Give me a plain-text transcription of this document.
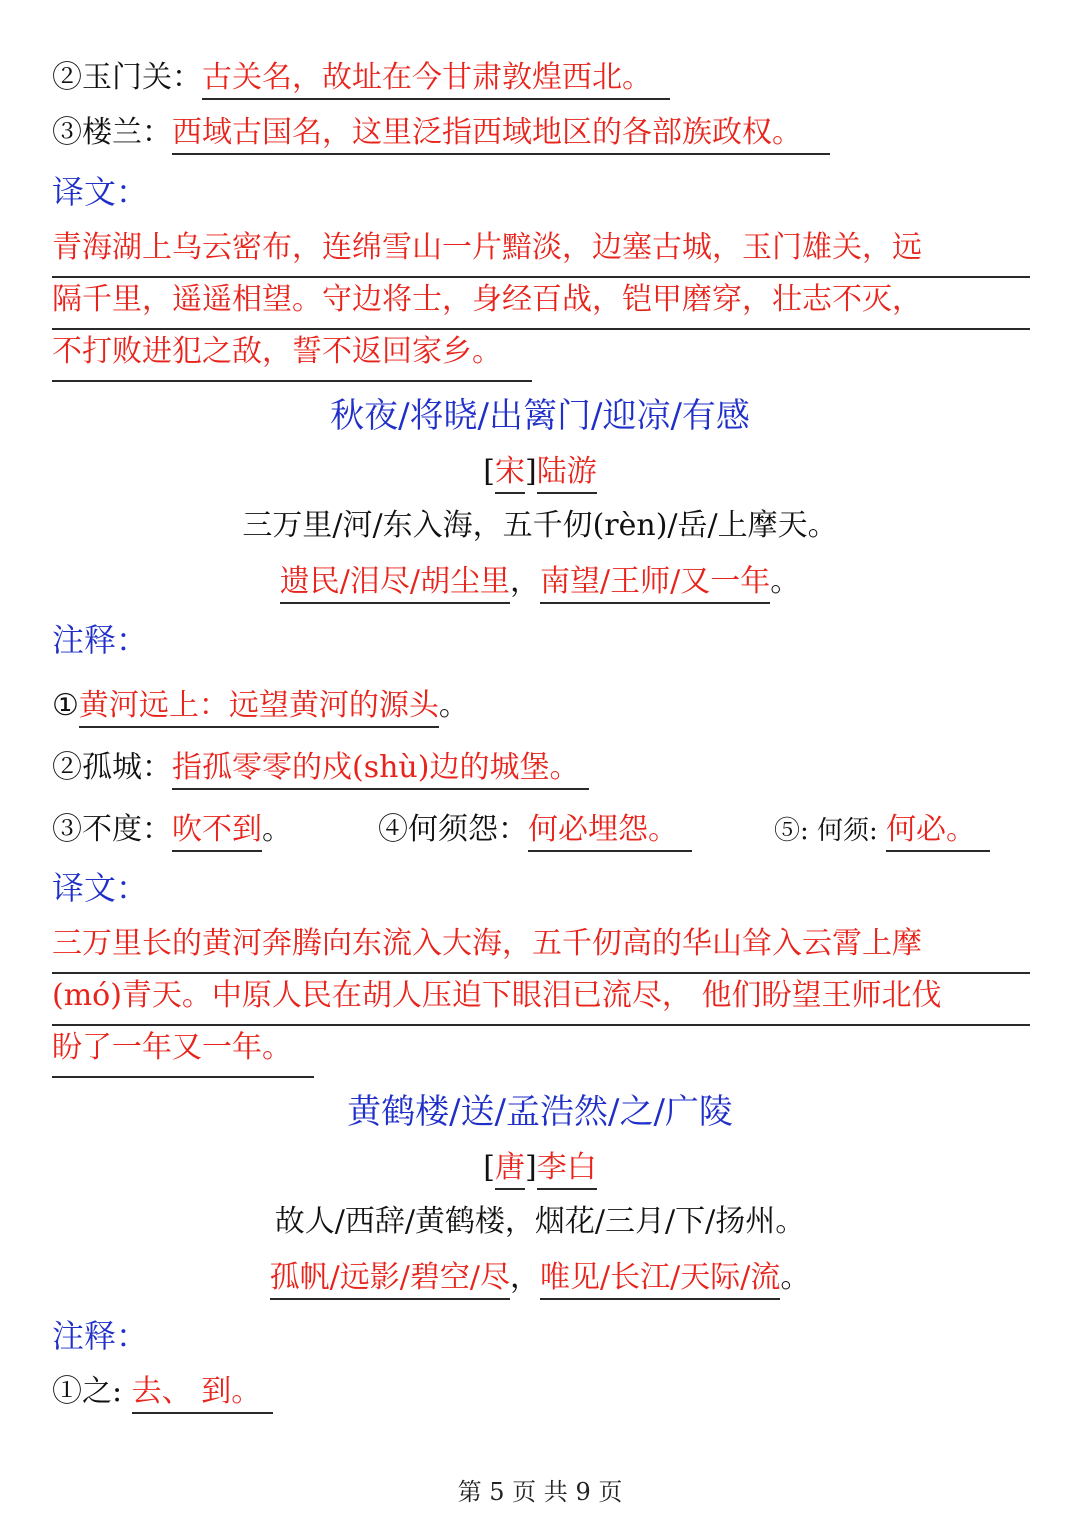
②玉门关：古关名，故址在今甘肃敦煌西北。
③楼兰：西域古国名，这里泛指西域地区的各部族政权。
译文：
青海湖上乌云密布，连绵雪山一片黯淡，边塞古城，玉门雄关，远
隔千里，遥遥相望。守边将士，身经百战，铠甲磨穿，壮志不灭，
不打败进犯之敌，誓不返回家乡。
秋夜/将晓/出篱门/迎凉/有感
[宋]陆游
三万里/河/东入海，五千仞(rèn)/岳/上摩天。
遗民/泪尽/胡尘里，南望/王师/又一年。
注释：
①黄河远上：远望黄河的源头。
②孤城：指孤零零的戍(shù)边的城堡。
③不度：吹不到。	④何须怨：何必埋怨。	⑤: 何须: 何必。
译文：
三万里长的黄河奔腾向东流入大海，五千仞高的华山耸入云霄上摩
(mó)青天。中原人民在胡人压迫下眼泪已流尽， 他们盼望王师北伐
盼了一年又一年。
黄鹤楼/送/孟浩然/之/广陵
[唐]李白
故人/西辞/黄鹤楼，烟花/三月/下/扬州。
孤帆/远影/碧空/尽，唯见/长江/天际/流。
注释：
①之: 去、 到。
第 5 页 共 9 页
